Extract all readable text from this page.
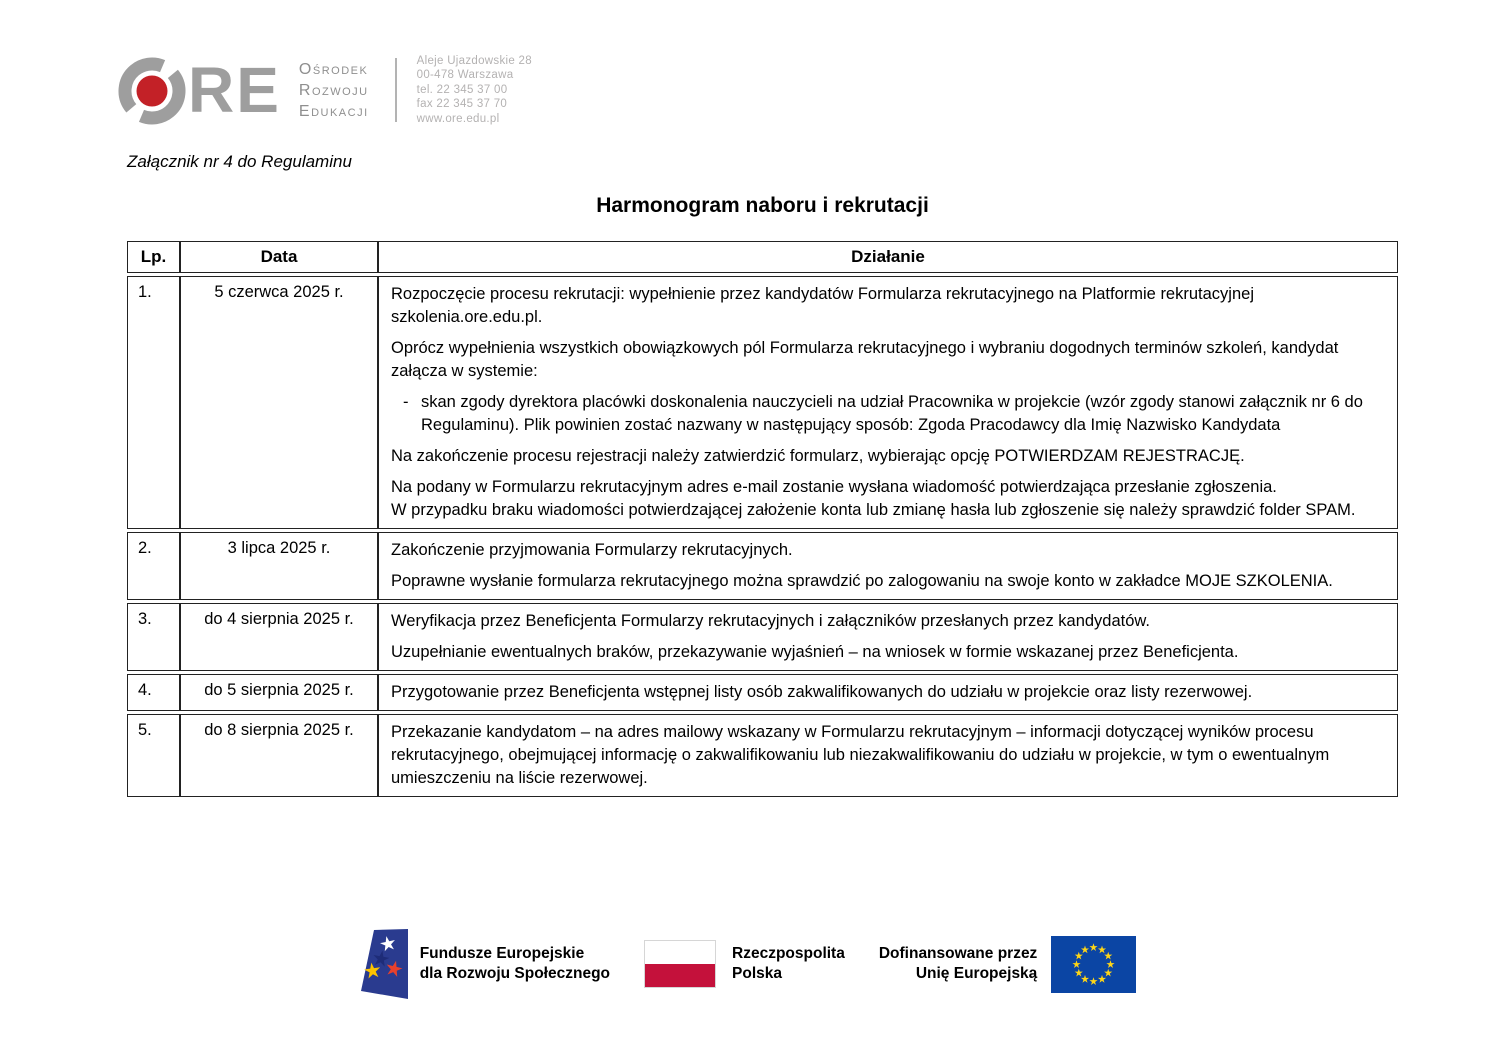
RE Ośrodek
Rozwoju
Edukacji
Aleje Ujazdowskie 28
00-478 Warszawa
tel. 22 345 37 00
fax 22 345 37 70
www.ore.edu.pl
Załącznik nr 4 do Regulaminu
Harmonogram naboru i rekrutacji
Lp.	Data	Działanie
1.	5 czerwca 2025 r.	Rozpoczęcie procesu rekrutacji: wypełnienie przez kandydatów Formularza rekrutacyjnego na Platformie rekrutacyjnej szkolenia.ore.edu.pl.

Oprócz wypełnienia wszystkich obowiązkowych pól Formularza rekrutacyjnego i wybraniu dogodnych terminów szkoleń, kandydat załącza w systemie:

- skan zgody dyrektora placówki doskonalenia nauczycieli na udział Pracownika w projekcie (wzór zgody stanowi załącznik nr 6 do Regulaminu). Plik powinien zostać nazwany w następujący sposób: Zgoda Pracodawcy dla Imię Nazwisko Kandydata

Na zakończenie procesu rejestracji należy zatwierdzić formularz, wybierając opcję POTWIERDZAM REJESTRACJĘ.

Na podany w Formularzu rekrutacyjnym adres e-mail zostanie wysłana wiadomość potwierdzająca przesłanie zgłoszenia.
W przypadku braku wiadomości potwierdzającej założenie konta lub zmianę hasła lub zgłoszenie się należy sprawdzić folder SPAM.

2.	3 lipca 2025 r.	Zakończenie przyjmowania Formularzy rekrutacyjnych.

Poprawne wysłanie formularza rekrutacyjnego można sprawdzić po zalogowaniu na swoje konto w zakładce MOJE SZKOLENIA.

3.	do 4 sierpnia 2025 r.	Weryfikacja przez Beneficjenta Formularzy rekrutacyjnych i załączników przesłanych przez kandydatów.

Uzupełnianie ewentualnych braków, przekazywanie wyjaśnień – na wniosek w formie wskazanej przez Beneficjenta.

4.	do 5 sierpnia 2025 r.	Przygotowanie przez Beneficjenta wstępnej listy osób zakwalifikowanych do udziału w projekcie oraz listy rezerwowej.

5.	do 8 sierpnia 2025 r.	Przekazanie kandydatom – na adres mailowy wskazany w Formularzu rekrutacyjnym – informacji dotyczącej wyników procesu rekrutacyjnego, obejmującej informację o zakwalifikowaniu lub niezakwalifikowaniu do udziału w projekcie, w tym o ewentualnym umieszczeniu na liście rezerwowej.

Fundusze Europejskie
dla Rozwoju Społecznego
Rzeczpospolita
Polska
Dofinansowane przez
Unię Europejską
